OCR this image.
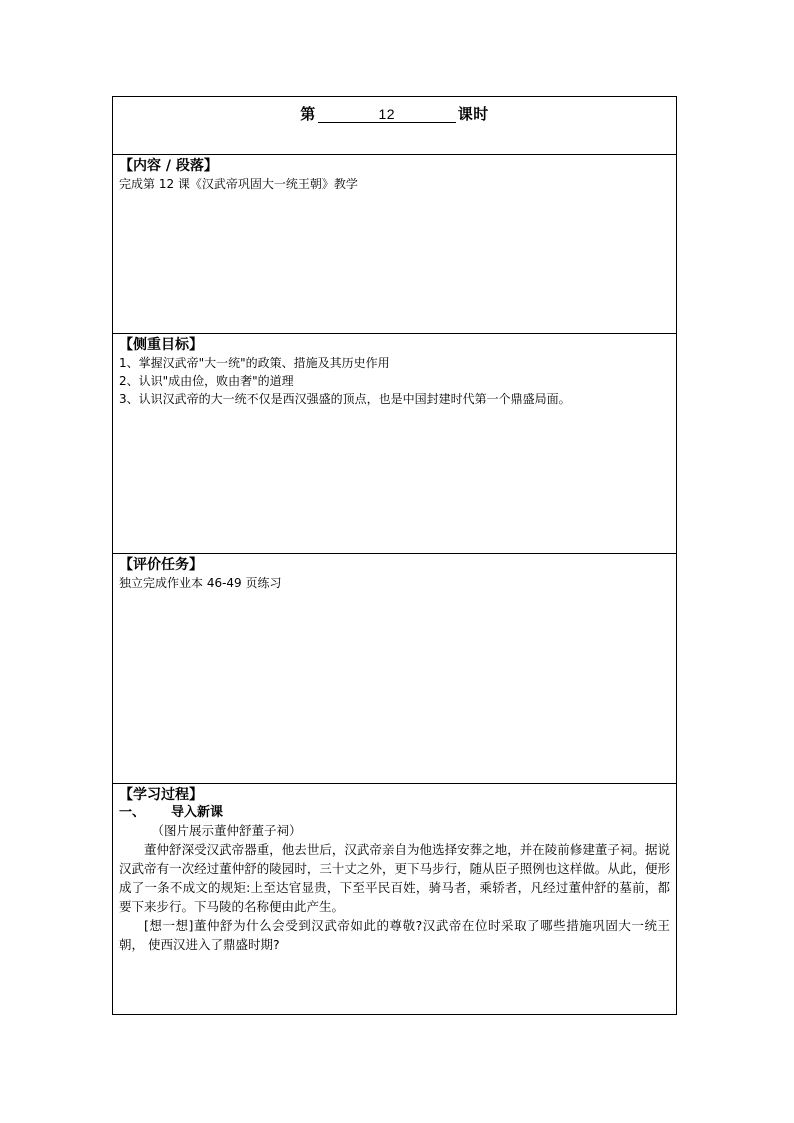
第	12	课时
【内容 / 段落】
完成第 12 课《汉武帝巩固大一统王朝》教学
【侧重目标】
1、掌握汉武帝"大一统"的政策、措施及其历史作用
2、认识"成由俭，败由奢"的道理
3、认识汉武帝的大一统不仅是西汉强盛的顶点，也是中国封建时代第一个鼎盛局面。
【评价任务】
独立完成作业本 46-49 页练习
【学习过程】
一、 导入新课
（图片展示董仲舒董子祠）

董仲舒深受汉武帝器重，他去世后，汉武帝亲自为他选择安葬之地，并在陵前修建董子祠。据说汉武帝有一次经过董仲舒的陵园时，三十丈之外，更下马步行，随从臣子照例也这样做。从此，便形成了一条不成文的规矩:上至达官显贵，下至平民百姓，骑马者，乘轿者，凡经过董仲舒的墓前，都要下来步行。下马陵的名称便由此产生。

[想一想]董仲舒为什么会受到汉武帝如此的尊敬?汉武帝在位时采取了哪些措施巩固大一统王朝， 使西汉进入了鼎盛时期?
